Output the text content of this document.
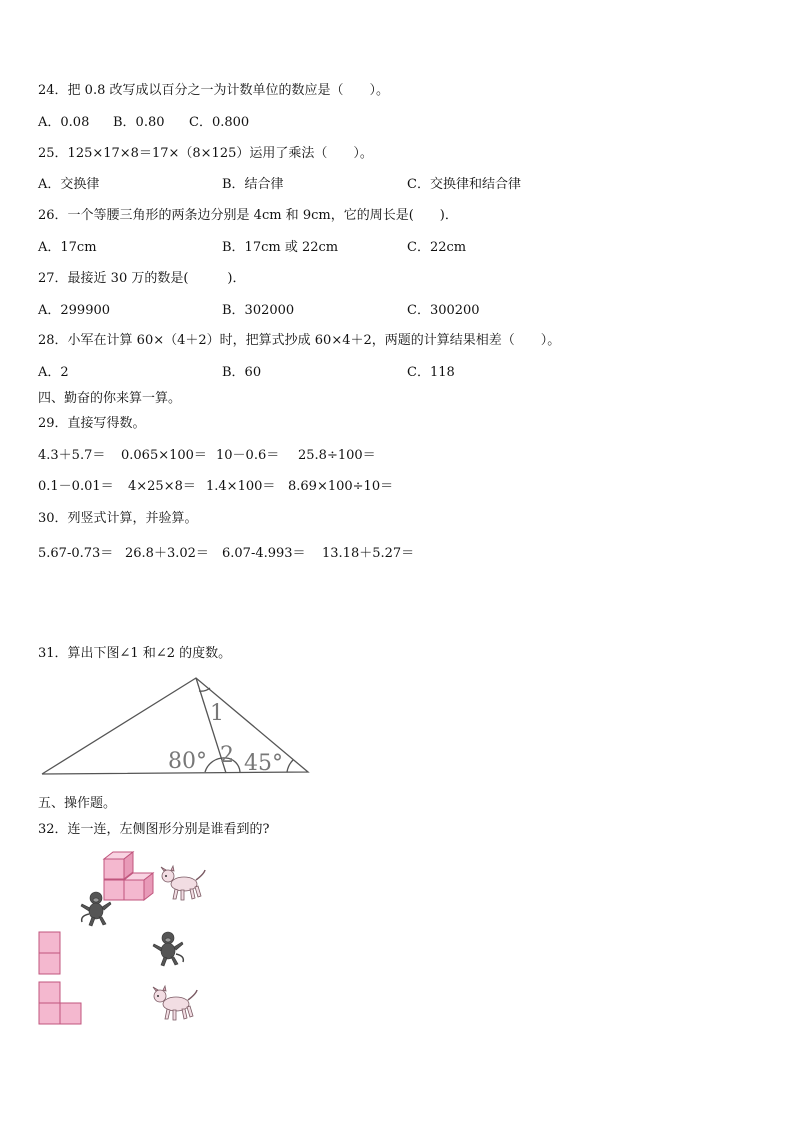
24．把 0.8 改写成以百分之一为计数单位的数应是（　　）。
A．0.08 B．0.80 C．0.800
25．125×17×8＝17×（8×125）运用了乘法（　　）。
A．交换律	B．结合律	C．交换律和结合律
26．一个等腰三角形的两条边分别是 4cm 和 9cm，它的周长是(　　)．
A．17cm	B．17cm 或 22cm	C．22cm
27．最接近 30 万的数是(　　　)．
A．299900	B．302000	C．300200
28．小军在计算 60×（4＋2）时，把算式抄成 60×4＋2，两题的计算结果相差（　　）。
A．2	B．60	C．118
四、勤奋的你来算一算。
29．直接写得数。
4.3＋5.7＝ 0.065×100＝ 10－0.6＝ 25.8÷100＝
0.1－0.01＝ 4×25×8＝ 1.4×100＝ 8.69×100÷10＝
30．列竖式计算，并验算。
5.67-0.73＝ 26.8＋3.02＝ 6.07-4.993＝ 13.18＋5.27＝
31．算出下图∠1 和∠2 的度数。
80° 2 45°
1
五、操作题。
32．连一连，左侧图形分别是谁看到的?
